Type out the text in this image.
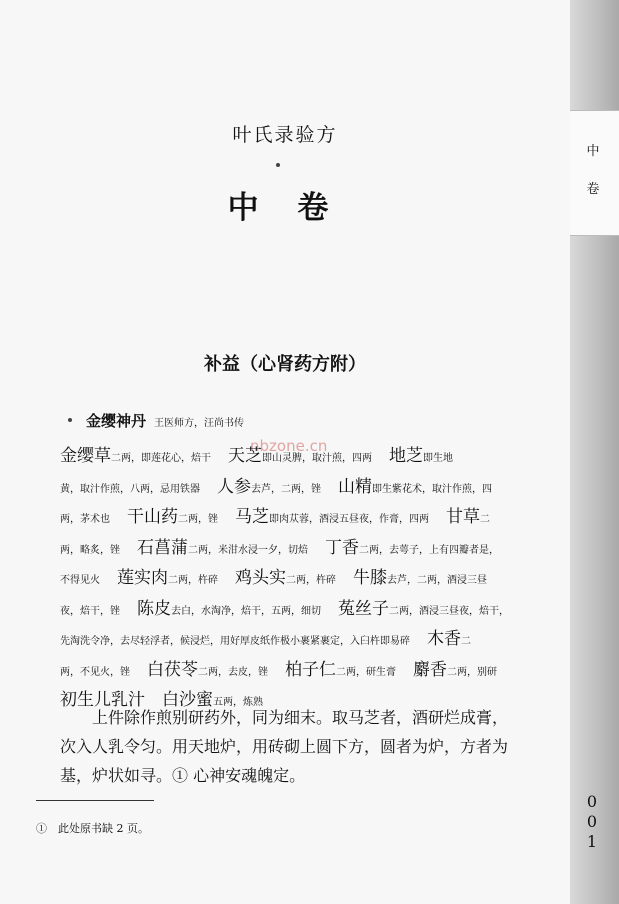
中
卷
0
0
1
叶氏录验方
中 卷
补益（心肾药方附）
金缨神丹 王医师方，汪尚书传
nbzone.cn
金缨草二两，即莲花心，焙干　天芝即山灵脾，取汁煎，四两　地芝即生地
黄，取汁作煎，八两，忌用铁器　人参去芦，二两，锉　山精即生紫花术，取汁作煎，四
两，茅术也　干山药二两，锉　马芝即肉苁蓉，酒浸五昼夜，作膏，四两　甘草二
两，略炙，锉　石菖蒲二两，米泔水浸一夕，切焙　丁香二两，去萼子，上有四瓣者是，
不得见火　莲实肉二两，杵碎　鸡头实二两，杵碎　牛膝去芦，二两，酒浸三昼
夜，焙干，锉　陈皮去白，水淘净，焙干，五两，细切　菟丝子二两，酒浸三昼夜，焙干，
先淘洗令净，去尽轻浮者，候浸烂，用好厚皮纸作极小裹紧裹定，入臼杵即易碎　木香二
两，不见火，锉　白茯苓二两，去皮，锉　柏子仁二两，研生膏　麝香二两，别研
初生儿乳汁　白沙蜜五两，炼熟

　　上件除作煎别研药外，同为细末。取马芝者，酒研烂成膏，

次入人乳令匀。用天地炉，用砖砌上圆下方，圆者为炉，方者为

基，炉状如寻。① 心神安魂魄定。

①　此处原书缺 2 页。
